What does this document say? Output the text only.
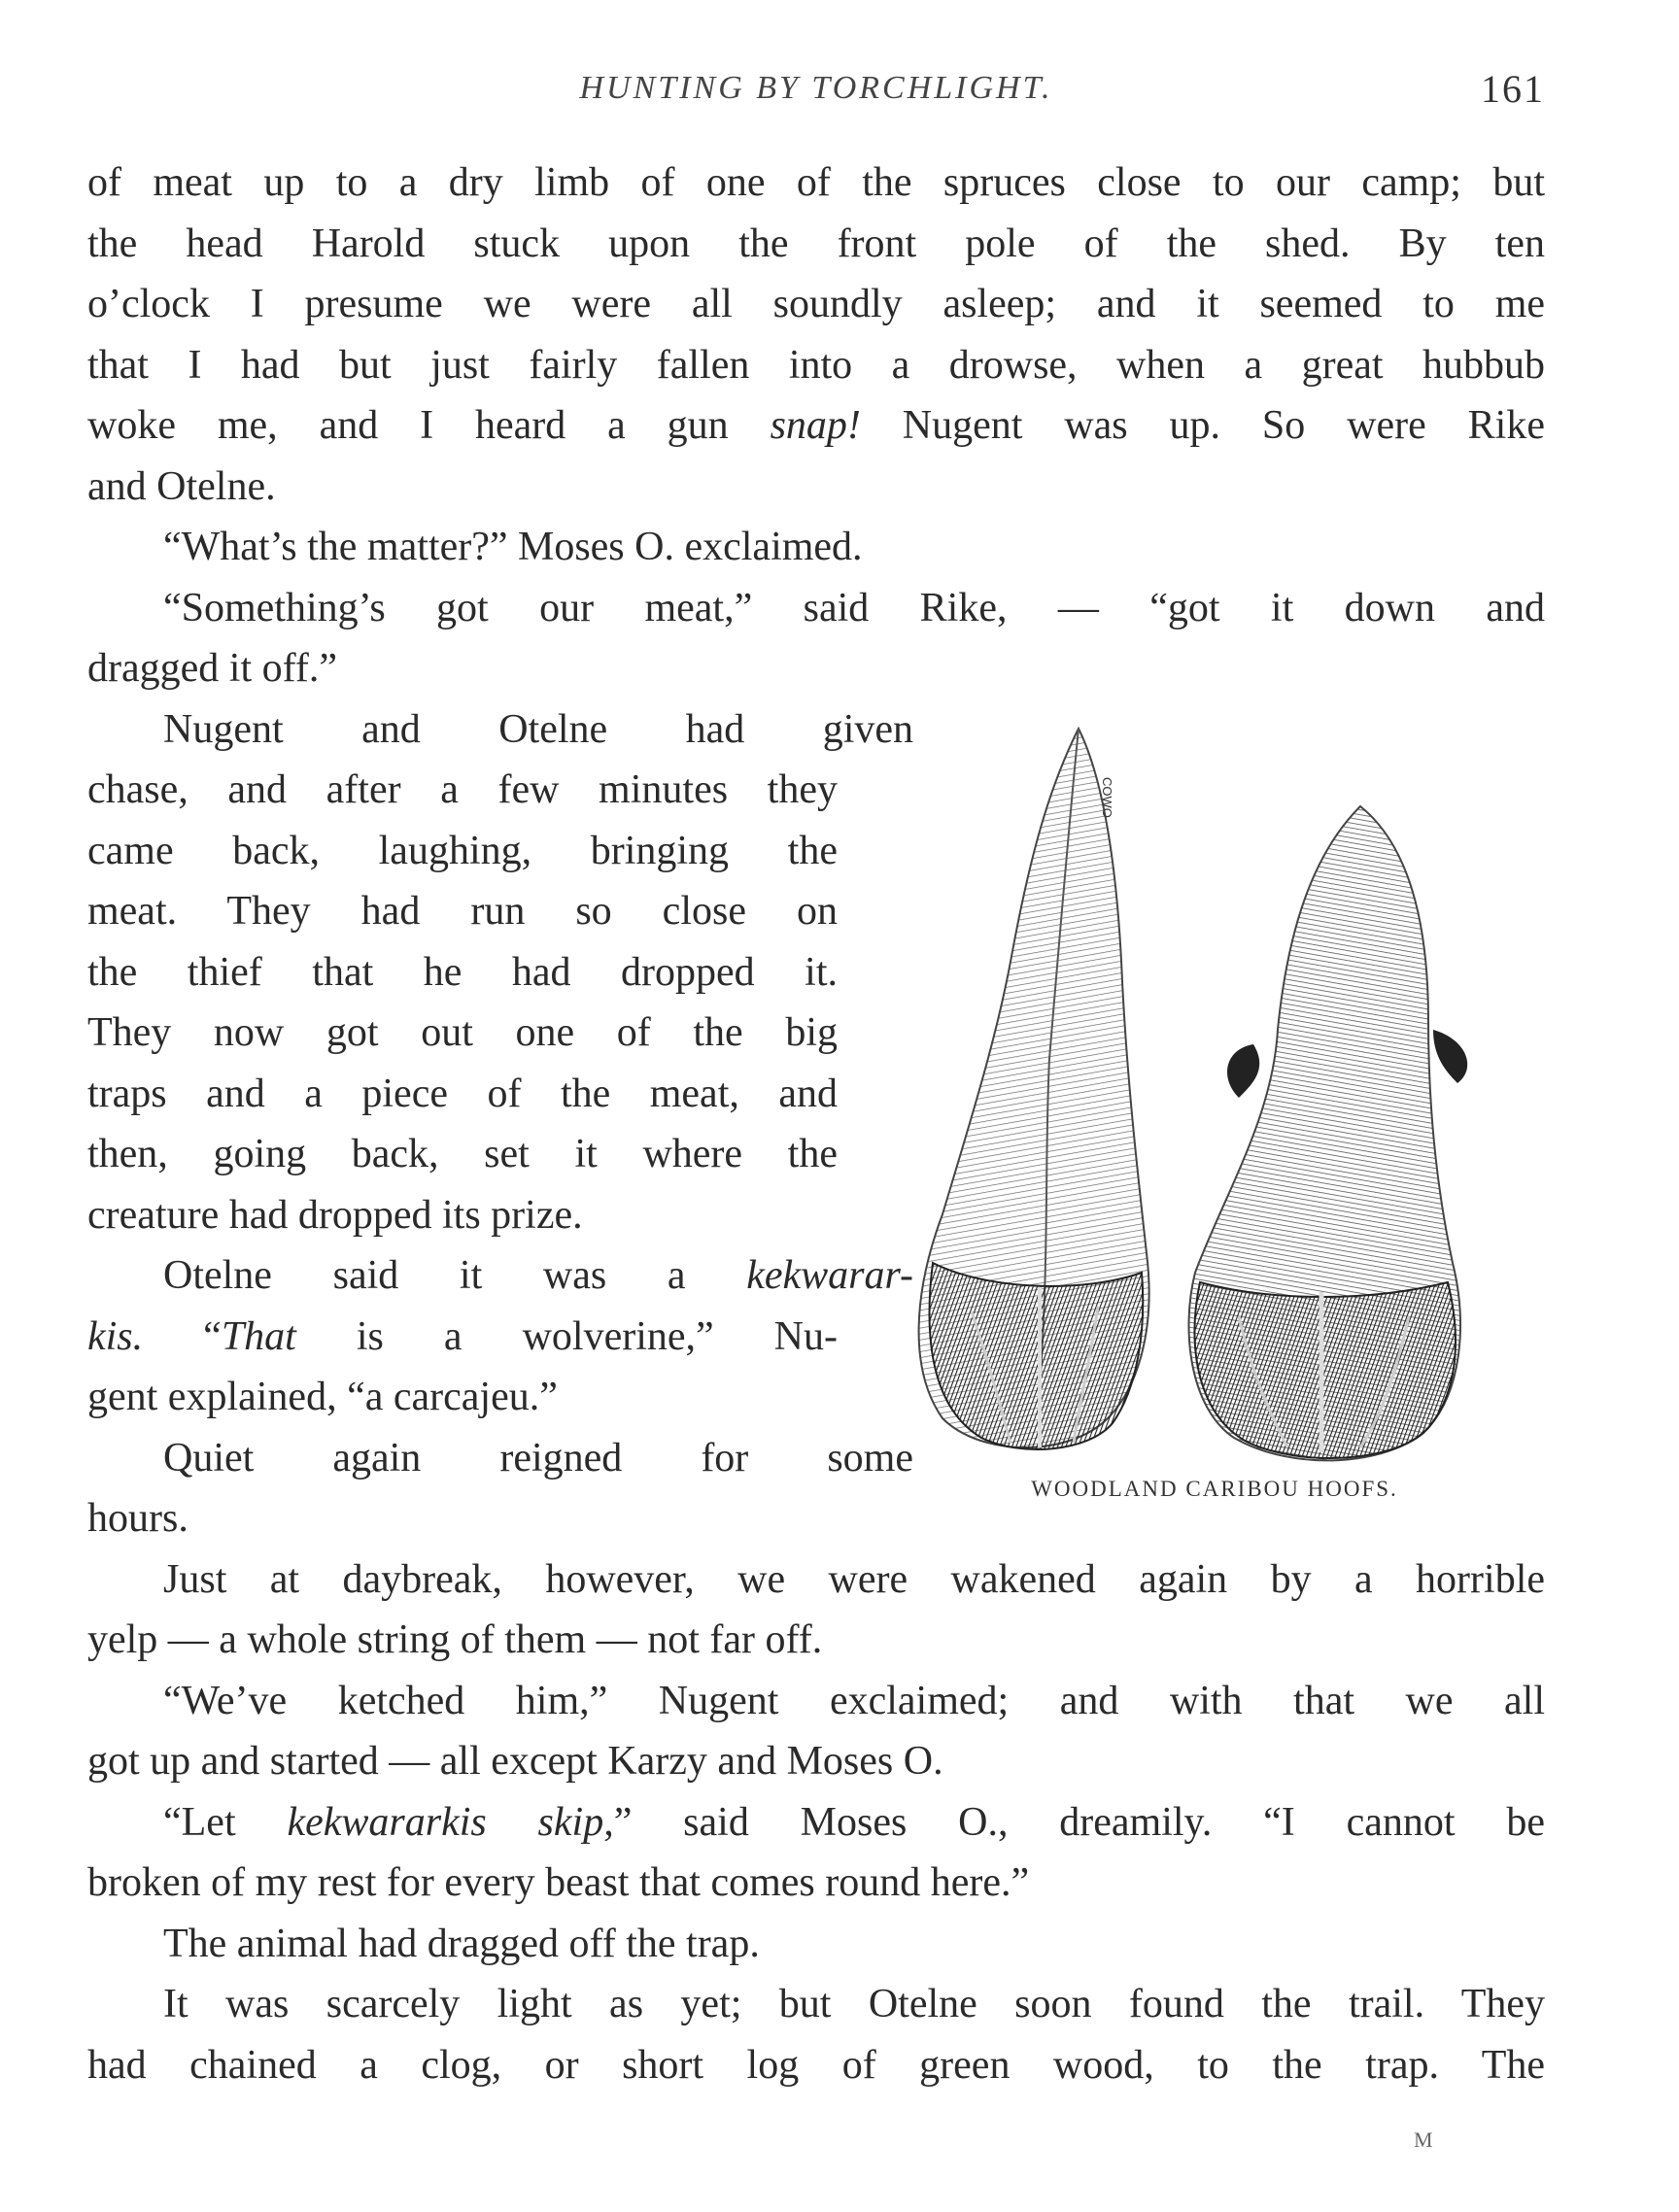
HUNTING BY TORCHLIGHT.	161
of meat up to a dry limb of one of the spruces close to our camp; but
the head Harold stuck upon the front pole of the shed. By ten
o’clock I presume we were all soundly asleep; and it seemed to me
that I had but just fairly fallen into a drowse, when a great hubbub
woke me, and I heard a gun snap! Nugent was up. So were Rike
and Otelne.
“What’s the matter?” Moses O. exclaimed.
“Something’s got our meat,” said Rike, — “got it down and
dragged it off.”
Nugent and Otelne had given
chase, and after a few minutes they
came back, laughing, bringing the
meat. They had run so close on
the thief that he had dropped it.
They now got out one of the big
traps and a piece of the meat, and
then, going back, set it where the
creature had dropped its prize.
Otelne said it was a kekwarar-
kis. “That is a wolverine,” Nu-
gent explained, “a carcajeu.”
Quiet again reigned for some
hours.
Just at daybreak, however, we were wakened again by a horrible
yelp — a whole string of them — not far off.
“We’ve ketched him,” Nugent exclaimed; and with that we all
got up and started — all except Karzy and Moses O.
“Let kekwararkis skip,” said Moses O., dreamily. “I cannot be
broken of my rest for every beast that comes round here.”
The animal had dragged off the trap.
It was scarcely light as yet; but Otelne soon found the trail. They
had chained a clog, or short log of green wood, to the trap. The
COWO
WOODLAND CARIBOU HOOFS.
M
